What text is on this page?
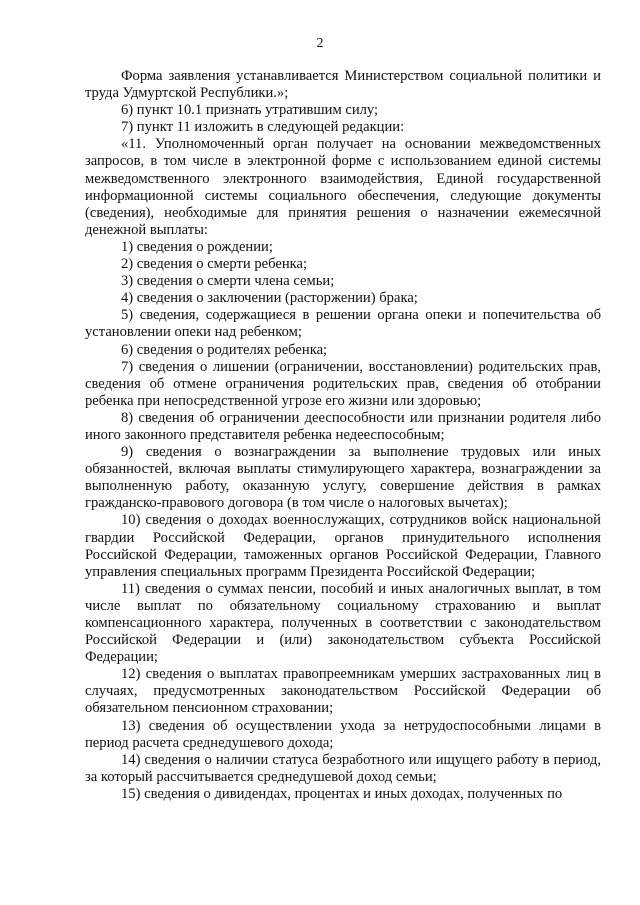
2

Форма заявления устанавливается Министерством социальной политики и труда Удмуртской Республики.»;

6) пункт 10.1 признать утратившим силу;

7) пункт 11 изложить в следующей редакции:

«11. Уполномоченный орган получает на основании межведомственных запросов, в том числе в электронной форме с использованием единой системы межведомственного электронного взаимодействия, Единой государственной информационной системы социального обеспечения, следующие документы (сведения), необходимые для принятия решения о назначении ежемесячной денежной выплаты:

1) сведения о рождении;

2) сведения о смерти ребенка;

3) сведения о смерти члена семьи;

4) сведения о заключении (расторжении) брака;

5) сведения, содержащиеся в решении органа опеки и попечительства об установлении опеки над ребенком;

6) сведения о родителях ребенка;

7) сведения о лишении (ограничении, восстановлении) родительских прав, сведения об отмене ограничения родительских прав, сведения об отобрании ребенка при непосредственной угрозе его жизни или здоровью;

8) сведения об ограничении дееспособности или признании родителя либо иного законного представителя ребенка недееспособным;

9) сведения о вознаграждении за выполнение трудовых или иных обязанностей, включая выплаты стимулирующего характера, вознаграждении за выполненную работу, оказанную услугу, совершение действия в рамках гражданско-правового договора (в том числе о налоговых вычетах);

10) сведения о доходах военнослужащих, сотрудников войск национальной гвардии Российской Федерации, органов принудительного исполнения Российской Федерации, таможенных органов Российской Федерации, Главного управления специальных программ Президента Российской Федерации;

11) сведения о суммах пенсии, пособий и иных аналогичных выплат, в том числе выплат по обязательному социальному страхованию и выплат компенсационного характера, полученных в соответствии с законодательством Российской Федерации и (или) законодательством субъекта Российской Федерации;

12) сведения о выплатах правопреемникам умерших застрахованных лиц в случаях, предусмотренных законодательством Российской Федерации об обязательном пенсионном страховании;

13) сведения об осуществлении ухода за нетрудоспособными лицами в период расчета среднедушевого дохода;

14) сведения о наличии статуса безработного или ищущего работу в период, за который рассчитывается среднедушевой доход семьи;

15) сведения о дивидендах, процентах и иных доходах, полученных по
